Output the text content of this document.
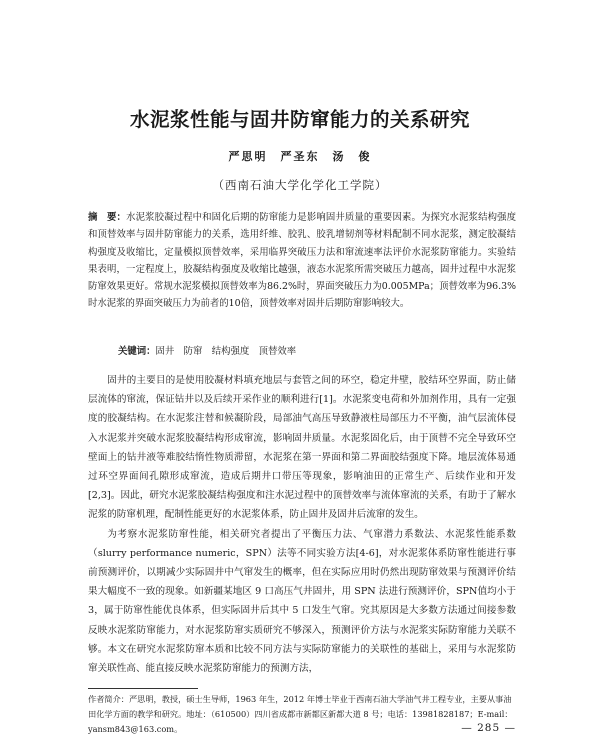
水泥浆性能与固井防窜能力的关系研究
严思明　严圣东　汤　俊
（西南石油大学化学化工学院）
摘　要：水泥浆胶凝过程中和固化后期的防窜能力是影响固井质量的重要因素。为探究水泥浆结构强度和顶替效率与固井防窜能力的关系，选用纤维、胶乳、胶乳增韧剂等材料配制不同水泥浆，测定胶凝结构强度及收缩比，定量模拟顶替效率，采用临界突破压力法和窜流速率法评价水泥浆防窜能力。实验结果表明，一定程度上，胶凝结构强度及收缩比越强，液态水泥浆所需突破压力越高，固井过程中水泥浆防窜效果更好。常规水泥浆模拟顶替效率为86.2%时，界面突破压力为0.005MPa；顶替效率为96.3%时水泥浆的界面突破压力为前者的10倍，顶替效率对固井后期防窜影响较大。
关键词：固井　防窜　结构强度　顶替效率

固井的主要目的是使用胶凝材料填充地层与套管之间的环空，稳定井壁，胶结环空界面，防止储层流体的窜流，保证钻井以及后续开采作业的顺利进行[1]。水泥浆变电荷和外加剂作用，具有一定强度的胶凝结构。在水泥浆注替和候凝阶段，局部油气高压导致静液柱局部压力不平衡，油气层流体侵入水泥浆并突破水泥浆胶凝结构形成窜流，影响固井质量。水泥浆固化后，由于顶替不完全导致环空壁面上的钻井液等难胶结惰性物质滞留，水泥浆在第一界面和第二界面胶结强度下降。地层流体易通过环空界面间孔隙形成窜流，造成后期井口带压等现象，影响油田的正常生产、后续作业和开发[2,3]。因此，研究水泥浆胶凝结构强度和注水泥过程中的顶替效率与流体窜流的关系，有助于了解水泥浆的防窜机理，配制性能更好的水泥浆体系，防止固井及固井后流窜的发生。

为考察水泥浆防窜性能，相关研究者提出了平衡压力法、气窜潜力系数法、水泥浆性能系数（slurry performance numeric，SPN）法等不同实验方法[4-6]，对水泥浆体系防窜性能进行事前预测评价，以期减少实际固井中气窜发生的概率，但在实际应用时仍然出现防窜效果与预测评价结果大幅度不一致的现象。如新疆某地区 9 口高压气井固井，用 SPN 法进行预测评价，SPN值均小于 3，属于防窜性能优良体系，但实际固井后其中 5 口发生气窜。究其原因是大多数方法通过间接参数反映水泥浆防窜能力，对水泥浆防窜实质研究不够深入，预测评价方法与水泥浆实际防窜能力关联不够。本文在研究水泥浆防窜本质和比较不同方法与实际防窜能力的关联性的基础上，采用与水泥浆防窜关联性高、能直接反映水泥浆防窜能力的预测方法，

作者简介：严思明，教授，硕士生导师，1963 年生，2012 年博士毕业于西南石油大学油气井工程专业，主要从事油田化学方面的教学和研究。地址：（610500）四川省成都市新都区新都大道 8 号；电话：13981828187；E-mail：yansm843@163.com。	— 285 —
